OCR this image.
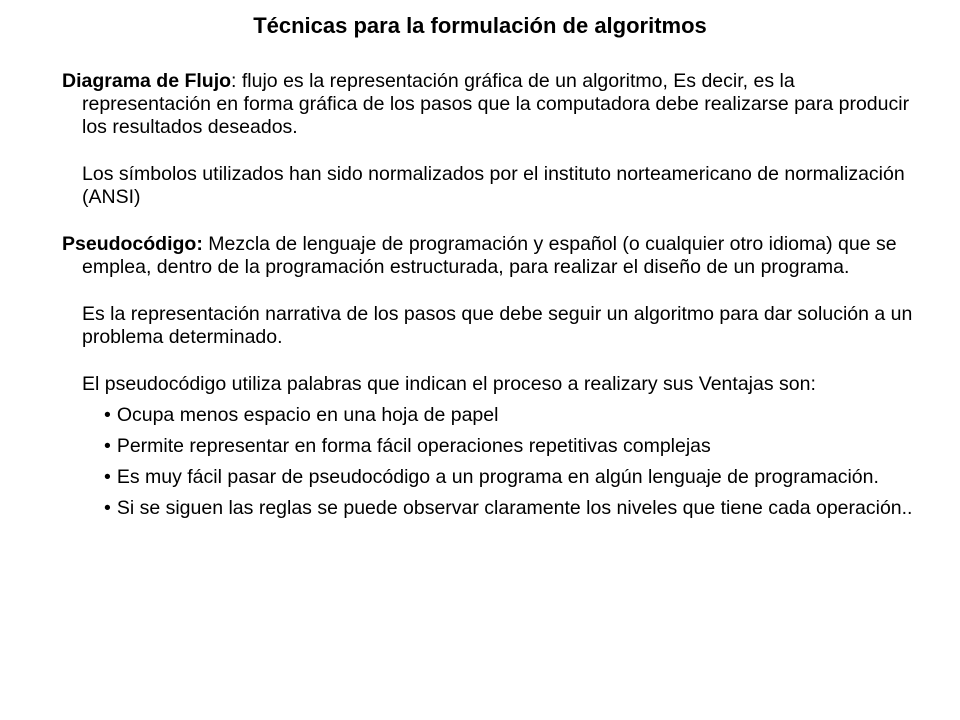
Técnicas para la formulación de algoritmos

Diagrama de Flujo: flujo es la representación gráfica de un algoritmo, Es decir, es la representación en forma gráfica de los pasos que la computadora debe realizarse para producir los resultados deseados.

Los símbolos utilizados han sido normalizados por el instituto norteamericano de normalización (ANSI)

Pseudocódigo: Mezcla de lenguaje de programación y español (o cualquier otro idioma) que se emplea, dentro de la programación estructurada, para realizar el diseño de un programa.

Es la representación narrativa de los pasos que debe seguir un algoritmo para dar solución a un problema determinado.

El pseudocódigo utiliza palabras que indican el proceso a realizary sus Ventajas son:

• Ocupa menos espacio en una hoja de papel
• Permite representar en forma fácil operaciones repetitivas complejas
• Es muy fácil pasar de pseudocódigo a un programa en algún lenguaje de programación.
• Si se siguen las reglas se puede observar claramente los niveles que tiene cada operación..
